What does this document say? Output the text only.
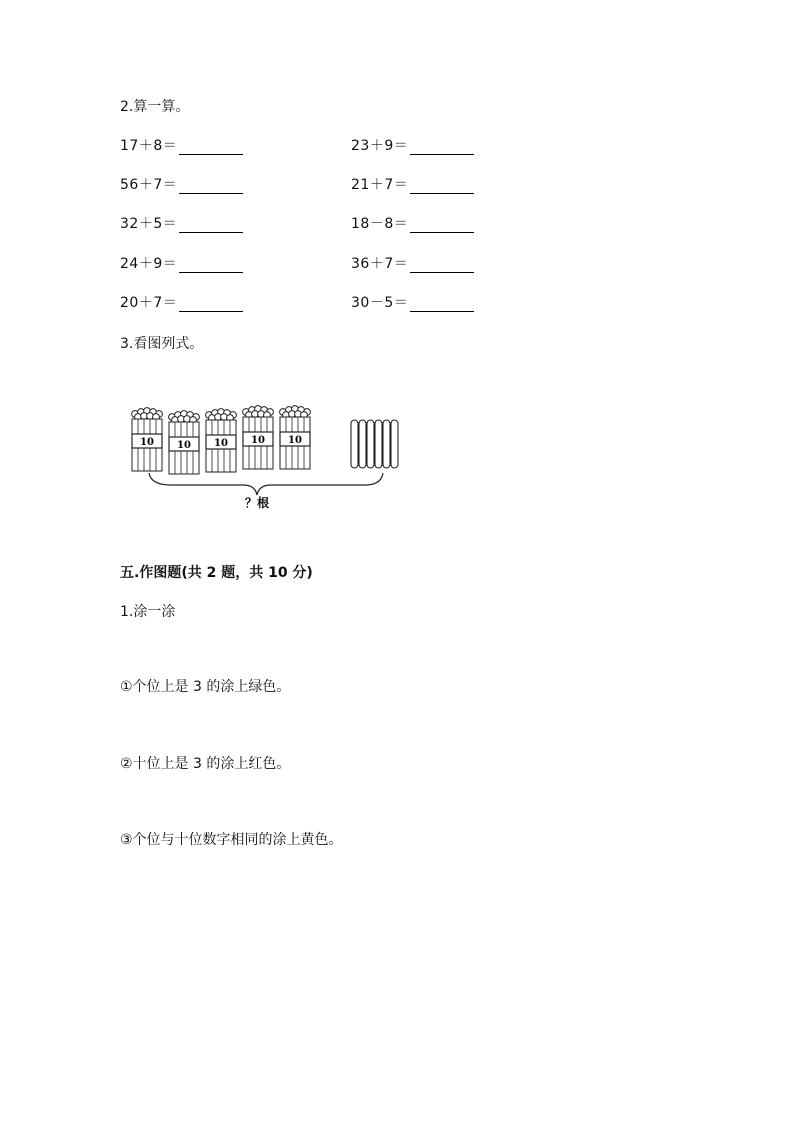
2.算一算。
17＋8＝	23＋9＝
56＋7＝	21＋7＝
32＋5＝	18－8＝
24＋9＝	36＋7＝
20＋7＝	30－5＝
3.看图列式。
10 10 10 10 10
？根
五.作图题(共 2 题，共 10 分)
1.涂一涂
①个位上是 3 的涂上绿色。
②十位上是 3 的涂上红色。
③个位与十位数字相同的涂上黄色。
